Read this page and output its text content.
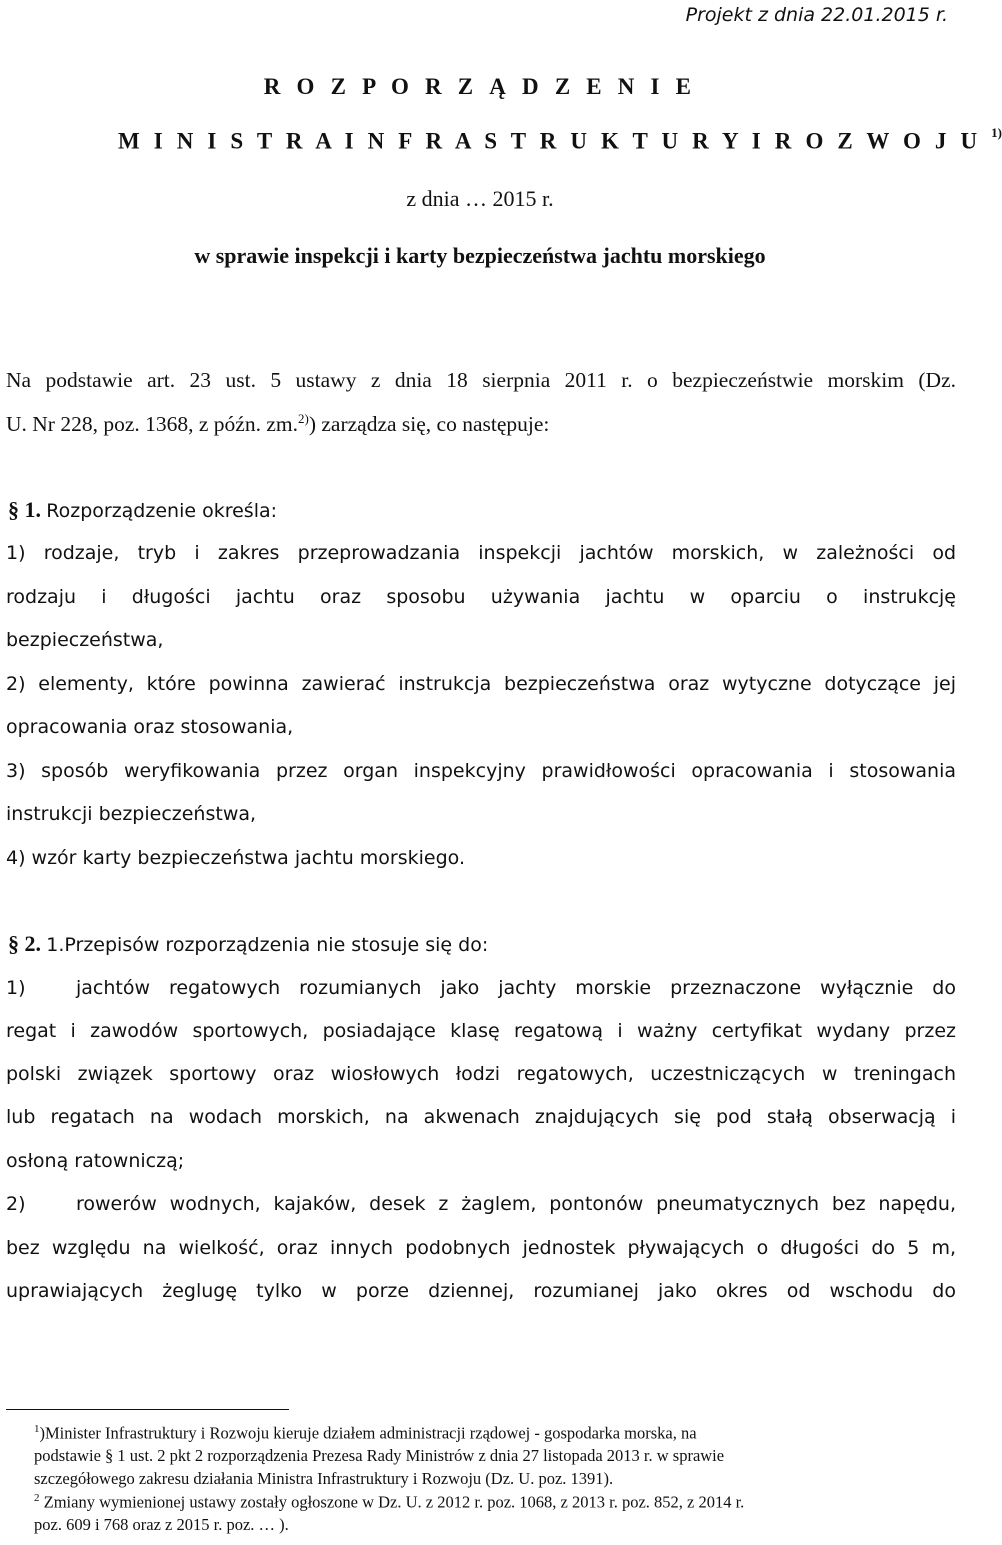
Projekt z dnia 22.01.2015 r.
R O Z P O R Z Ą D Z E N I E
M I N I S T R A I N F R A S T R U K T U R Y I R O Z W O J U $^{1)}$
z dnia … 2015 r.
w sprawie inspekcji i karty bezpieczeństwa jachtu morskiego
Na podstawie art. 23 ust. 5 ustawy z dnia 18 sierpnia 2011 r. o bezpieczeństwie morskim (Dz.
U. Nr 228, poz. 1368, z późn. zm.$^{2)}$) zarządza się, co następuje:
§ 1. Rozporządzenie określa:
1) rodzaje, tryb i zakres przeprowadzania inspekcji jachtów morskich, w zależności od
rodzaju i długości jachtu oraz sposobu używania jachtu w oparciu o instrukcję
bezpieczeństwa,
2) elementy, które powinna zawierać instrukcja bezpieczeństwa oraz wytyczne dotyczące jej
opracowania oraz stosowania,
3) sposób weryfikowania przez organ inspekcyjny prawidłowości opracowania i stosowania
instrukcji bezpieczeństwa,
4) wzór karty bezpieczeństwa jachtu morskiego.
§ 2. 1.Przepisów rozporządzenia nie stosuje się do:
1)	jachtów regatowych rozumianych jako jachty morskie przeznaczone wyłącznie do
regat i zawodów sportowych, posiadające klasę regatową i ważny certyfikat wydany przez
polski związek sportowy oraz wiosłowych łodzi regatowych, uczestniczących w treningach
lub regatach na wodach morskich, na akwenach znajdujących się pod stałą obserwacją i
osłoną ratowniczą;
2)	rowerów wodnych, kajaków, desek z żaglem, pontonów pneumatycznych bez napędu,
bez względu na wielkość, oraz innych podobnych jednostek pływających o długości do 5 m,
uprawiających żeglugę tylko w porze dziennej, rozumianej jako okres od wschodu do
$^1$)Minister Infrastruktury i Rozwoju kieruje działem administracji rządowej - gospodarka morska, na
podstawie § 1 ust. 2 pkt 2 rozporządzenia Prezesa Rady Ministrów z dnia 27 listopada 2013 r. w sprawie
szczegółowego zakresu działania Ministra Infrastruktury i Rozwoju (Dz. U. poz. 1391).
$^2$ Zmiany wymienionej ustawy zostały ogłoszone w Dz. U. z 2012 r. poz. 1068, z 2013 r. poz. 852, z 2014 r.
poz. 609 i 768 oraz z 2015 r. poz. … ).
